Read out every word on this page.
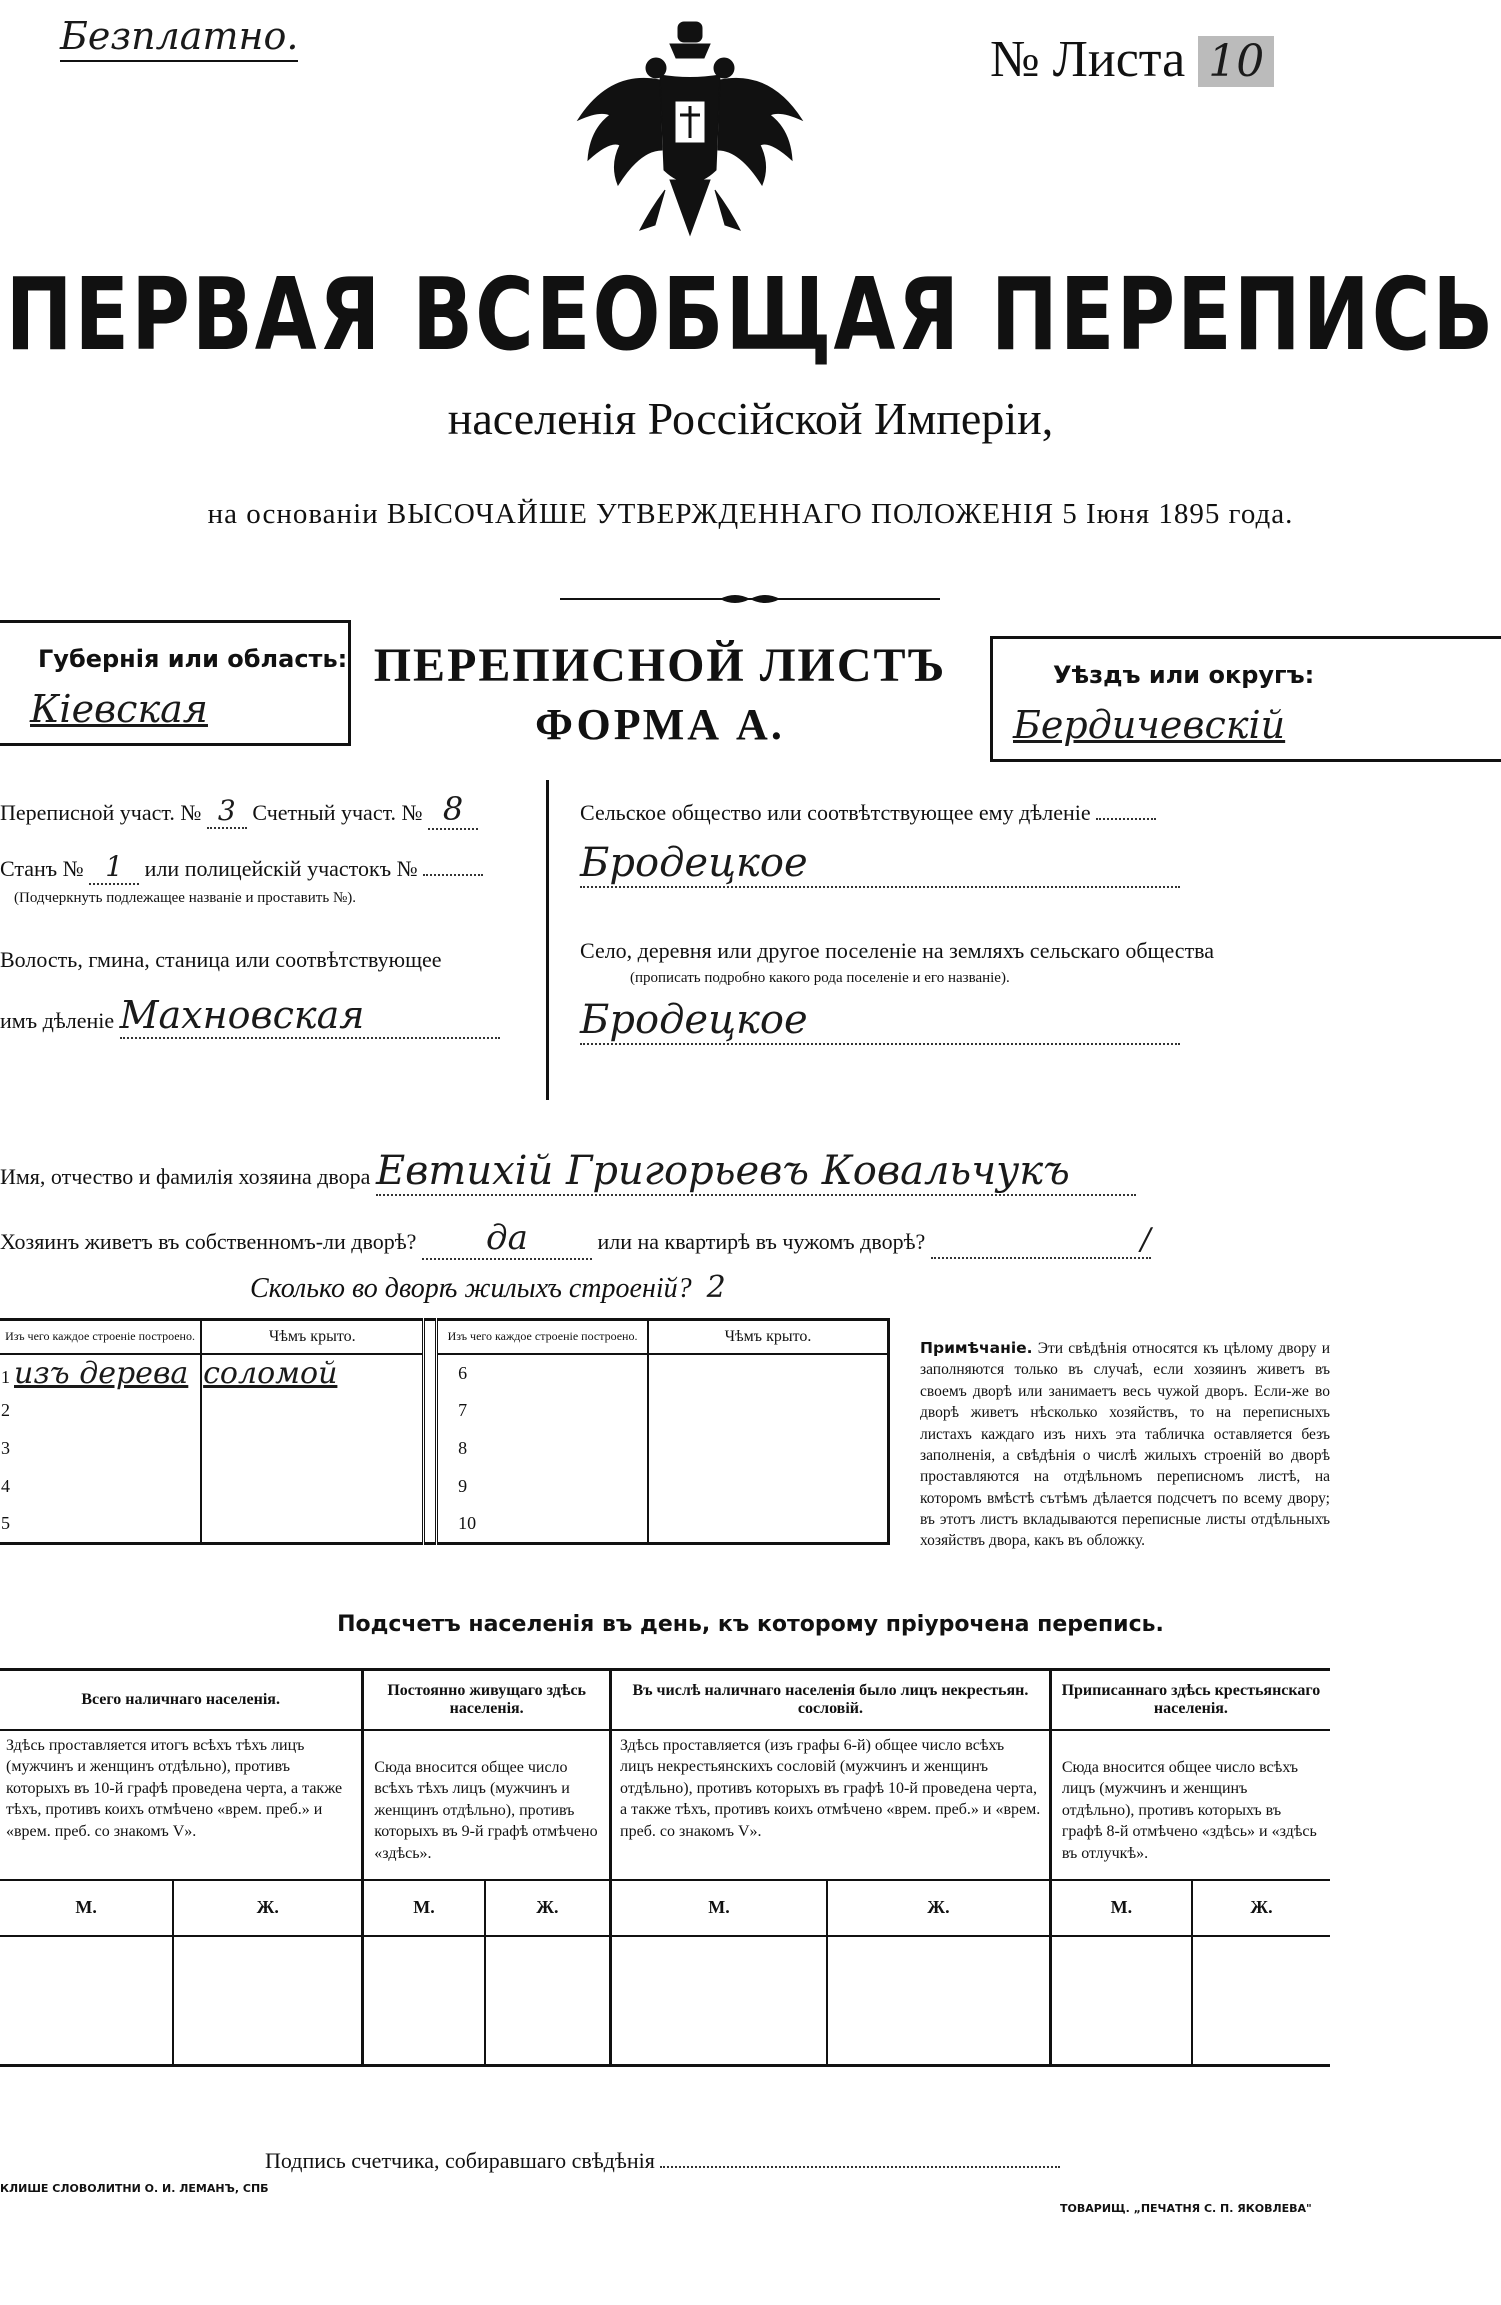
Безплатно.	№ Листа 10
ПЕРВАЯ ВСЕОБЩАЯ ПЕРЕПИСЬ
населенія Россійской Имперіи,
на основаніи ВЫСОЧАЙШЕ УТВЕРЖДЕННАГО ПОЛОЖЕНІЯ 5 Іюня 1895 года.
Губернія или область:
Кіевская
ПЕРЕПИСНОЙ ЛИСТЪ
ФОРМА А.
Уѣздъ или округъ:
Бердичевскій
Переписной участ. № 3 Счетный участ. № 8
Станъ № 1 или полицейскій участокъ №
(Подчеркнуть подлежащее названіе и проставить №).
Волость, гмина, станица или соотвѣтствующее
имъ дѣленіе Махновская
Сельское общество или соотвѣтствующее ему дѣленіе
Бродецкое
Село, деревня или другое поселеніе на земляхъ сельскаго общества
(прописать подробно какого рода поселеніе и его названіе).
Бродецкое
Имя, отчество и фамилія хозяина двора Евтихій Григорьевъ Ковальчукъ
Хозяинъ живетъ въ собственномъ-ли дворѣ? да	или на квартирѣ въ чужомъ дворѣ?	/
Сколько во дворѣ жилыхъ строеній? 2
Изъ чего каждое строеніе построено.	Чѣмъ крыто.		Изъ чего каждое строеніе построено.	Чѣмъ крыто.
1 изъ дерева	соломой		6	
2			7	
3			8	
4			9	
5			10	
Примѣчаніе. Эти свѣдѣнія относятся къ цѣлому двору и заполняются только въ случаѣ, если хозяинъ живетъ въ своемъ дворѣ или занимаетъ весь чужой дворъ. Если-же во дворѣ живетъ нѣсколько хозяйствъ, то на переписныхъ листахъ каждаго изъ нихъ эта табличка оставляется безъ заполненія, а свѣдѣнія о числѣ жилыхъ строеній во дворѣ проставляются на отдѣльномъ переписномъ листѣ, на которомъ вмѣстѣ сътѣмъ дѣлается подсчетъ по всему двору; въ этотъ листъ вкладываются переписные листы отдѣльныхъ хозяйствъ двора, какъ въ обложку.
Подсчетъ населенія въ день, къ которому пріурочена перепись.
Всего наличнаго населенія.		Постоянно живущаго здѣсь населенія.		Въ числѣ наличнаго населенія было лицъ некрестьян. сословій.		Приписаннаго здѣсь крестьянскаго населенія.	
Здѣсь проставляется итогъ всѣхъ тѣхъ лицъ (мужчинъ и женщинъ отдѣльно), противъ которыхъ въ 10-й графѣ проведена черта, а также тѣхъ, противъ коихъ отмѣчено «врем. преб.» и «врем. преб. со знакомъ V».		Сюда вносится общее число всѣхъ тѣхъ лицъ (мужчинъ и женщинъ отдѣльно), противъ которыхъ въ 9-й графѣ отмѣчено «здѣсь».		Здѣсь проставляется (изъ графы 6-й) общее число всѣхъ лицъ некрестьянскихъ сословій (мужчинъ и женщинъ отдѣльно), противъ которыхъ въ графѣ 10-й проведена черта, а также тѣхъ, противъ коихъ отмѣчено «врем. преб.» и «врем. преб. со знакомъ V».		Сюда вносится общее число всѣхъ лицъ (мужчинъ и женщинъ отдѣльно), противъ которыхъ въ графѣ 8-й отмѣчено «здѣсь» и «здѣсь въ отлучкѣ».	
М.	Ж.	М.	Ж.	М.	Ж.	М.	Ж.

Подпись счетчика, собиравшаго свѣдѣнія
КЛИШЕ СЛОВОЛИТНИ О. И. ЛЕМАНЪ, СПБ
ТОВАРИЩ. „ПЕЧАТНЯ С. П. ЯКОВЛЕВА"
